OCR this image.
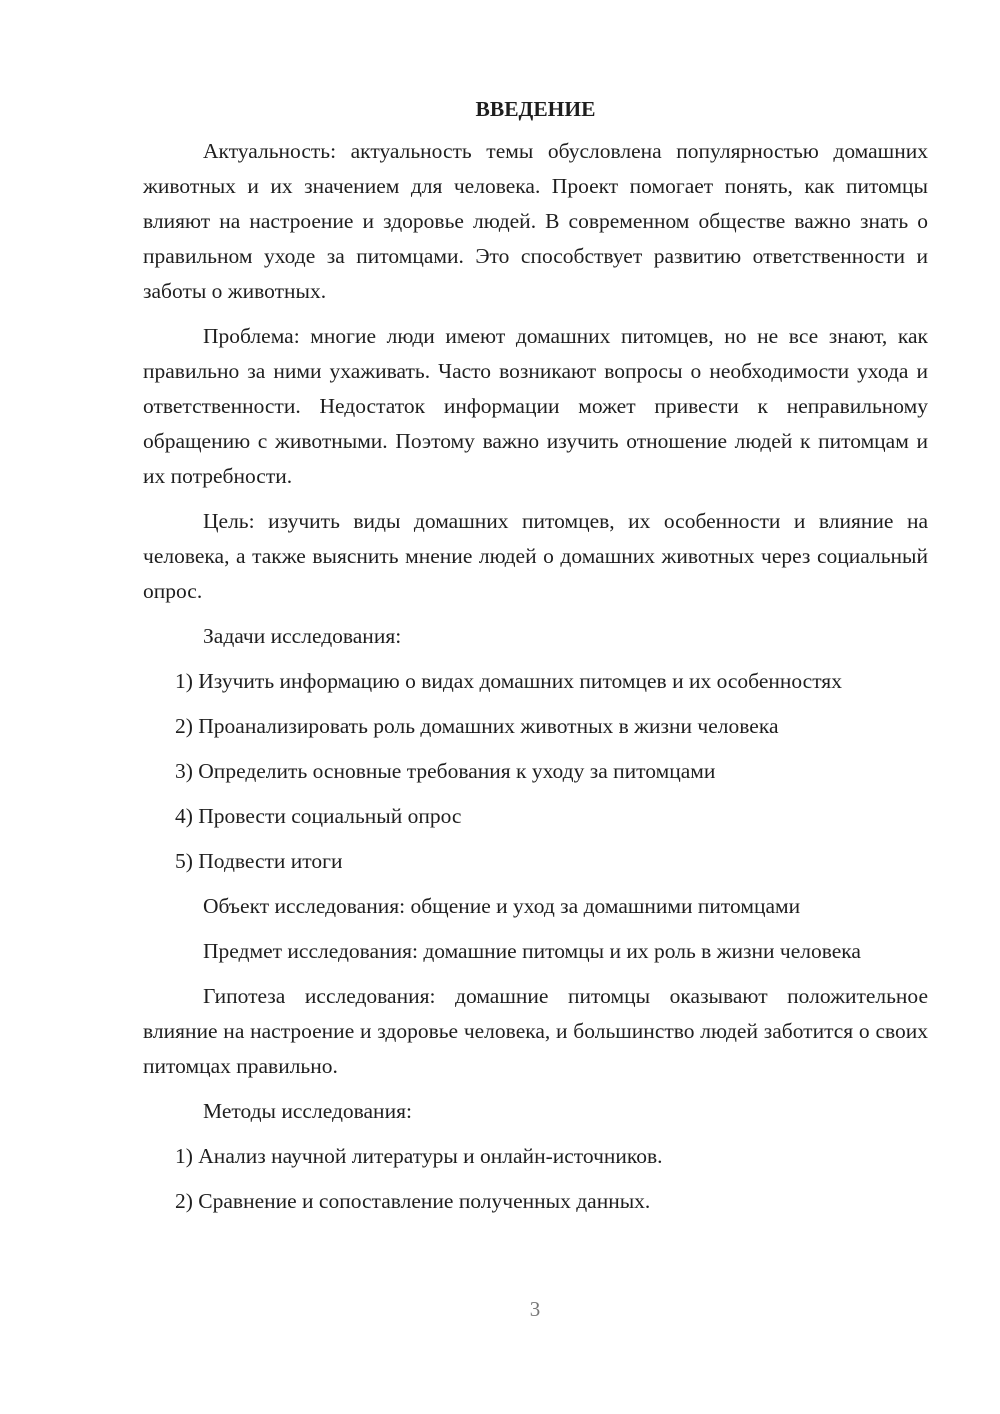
ВВЕДЕНИЕ

Актуальность: актуальность темы обусловлена популярностью домашних животных и их значением для человека. Проект помогает понять, как питомцы влияют на настроение и здоровье людей. В современном обществе важно знать о правильном уходе за питомцами. Это способствует развитию ответственности и заботы о животных.

Проблема: многие люди имеют домашних питомцев, но не все знают, как правильно за ними ухаживать. Часто возникают вопросы о необходимости ухода и ответственности. Недостаток информации может привести к неправильному обращению с животными. Поэтому важно изучить отношение людей к питомцам и их потребности.

Цель: изучить виды домашних питомцев, их особенности и влияние на человека, а также выяснить мнение людей о домашних животных через социальный опрос.

Задачи исследования:

1) Изучить информацию о видах домашних питомцев и их особенностях

2) Проанализировать роль домашних животных в жизни человека

3) Определить основные требования к уходу за питомцами

4) Провести социальный опрос

5) Подвести итоги

Объект исследования: общение и уход за домашними питомцами

Предмет исследования: домашние питомцы и их роль в жизни человека

Гипотеза исследования: домашние питомцы оказывают положительное влияние на настроение и здоровье человека, и большинство людей заботится о своих питомцах правильно.

Методы исследования:

1) Анализ научной литературы и онлайн-источников.

2) Сравнение и сопоставление полученных данных.

3
